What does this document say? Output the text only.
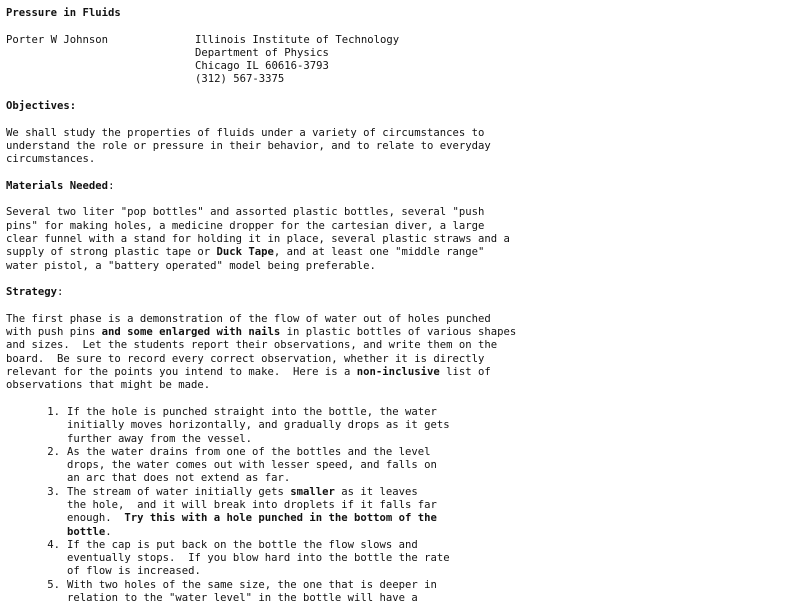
Pressure in Fluids
Porter W Johnson	Illinois Institute of Technology
Department of Physics
Chicago IL 60616-3793
(312) 567-3375
Objectives:
We shall study the properties of fluids under a variety of circumstances to
understand the role or pressure in their behavior, and to relate to everyday
circumstances.
Materials Needed:
Several two liter "pop bottles" and assorted plastic bottles, several "push
pins" for making holes, a medicine dropper for the cartesian diver, a large
clear funnel with a stand for holding it in place, several plastic straws and a
supply of strong plastic tape or Duck Tape, and at least one "middle range"
water pistol, a "battery operated" model being preferable.
Strategy:
The first phase is a demonstration of the flow of water out of holes punched
with push pins and some enlarged with nails in plastic bottles of various shapes
and sizes.  Let the students report their observations, and write them on the
board.  Be sure to record every correct observation, whether it is directly
relevant for the points you intend to make.  Here is a non-inclusive list of
observations that might be made.
1. If the hole is punched straight into the bottle, the water
initially moves horizontally, and gradually drops as it gets
further away from the vessel.
2. As the water drains from one of the bottles and the level
drops, the water comes out with lesser speed, and falls on
an arc that does not extend as far.
3. The stream of water initially gets smaller as it leaves
the hole,  and it will break into droplets if it falls far
enough.  Try this with a hole punched in the bottom of the
bottle.
4. If the cap is put back on the bottle the flow slows and
eventually stops.  If you blow hard into the bottle the rate
of flow is increased.
5. With two holes of the same size, the one that is deeper in
relation to the "water level" in the bottle will have a
